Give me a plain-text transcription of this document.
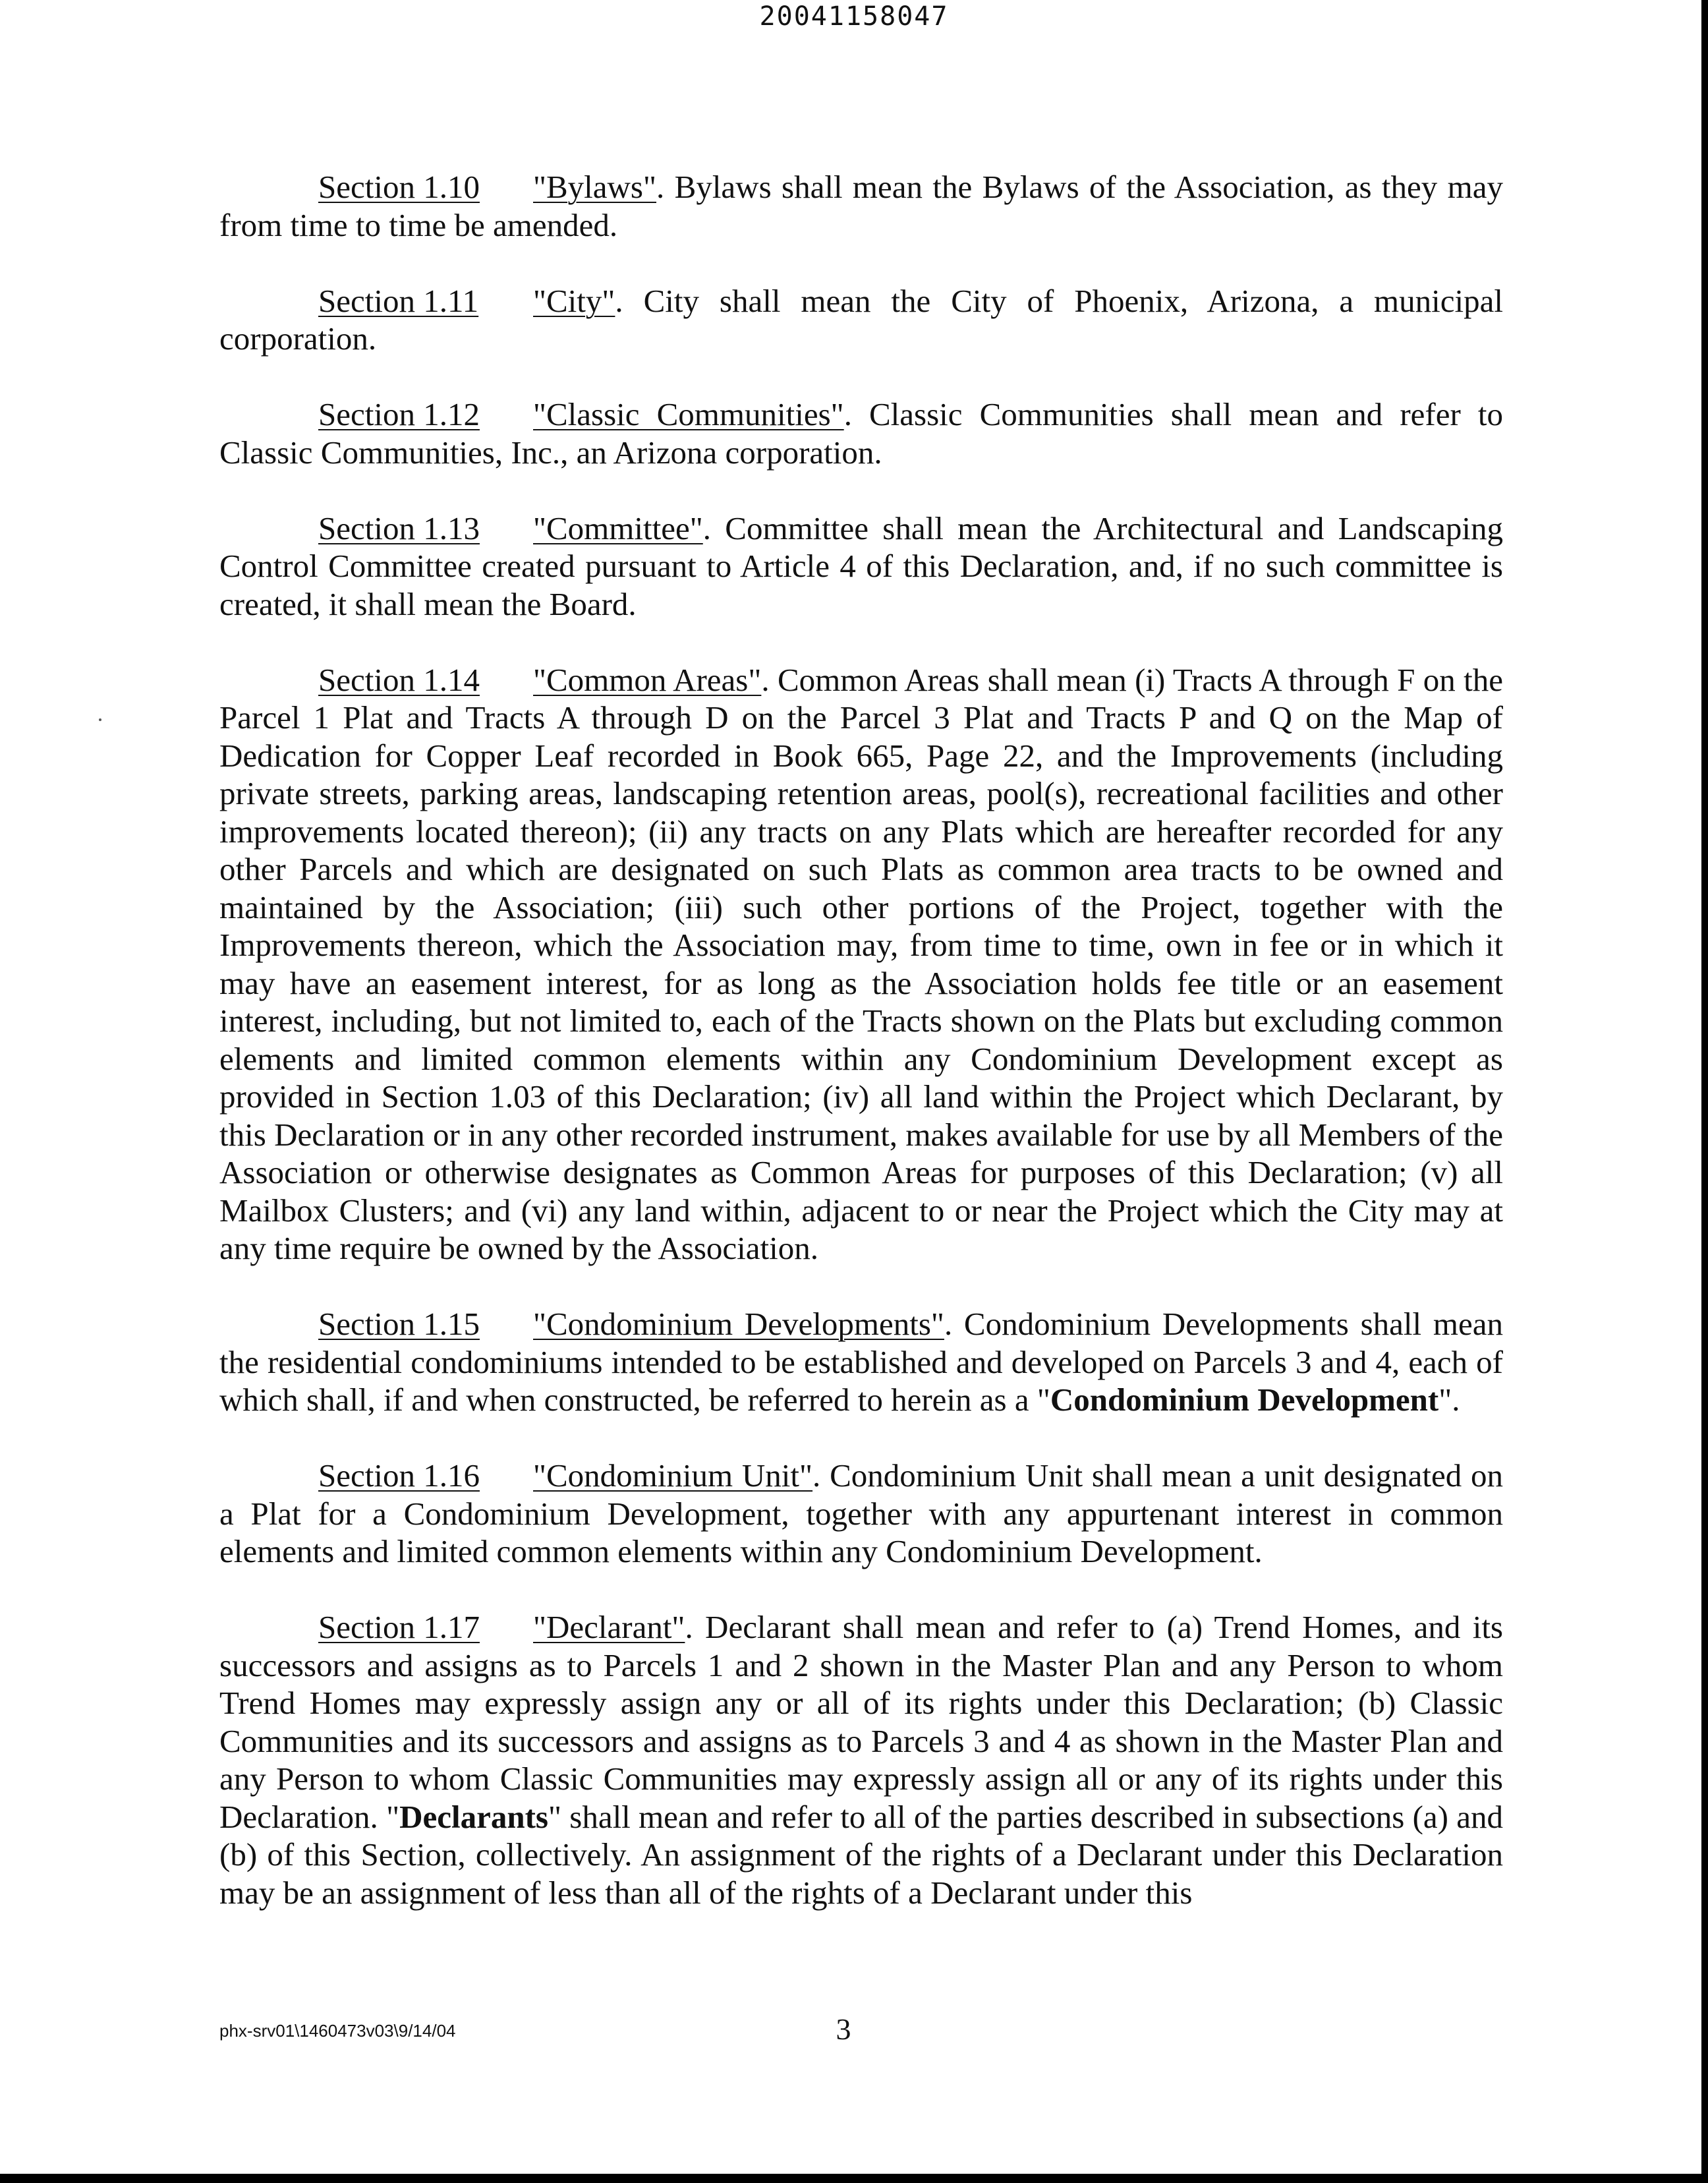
20041158047

Section 1.10 "Bylaws". Bylaws shall mean the Bylaws of the Association, as they may from time to time be amended.

Section 1.11 "City". City shall mean the City of Phoenix, Arizona, a municipal corporation.

Section 1.12 "Classic Communities". Classic Communities shall mean and refer to Classic Communities, Inc., an Arizona corporation.

Section 1.13 "Committee". Committee shall mean the Architectural and Landscaping Control Committee created pursuant to Article 4 of this Declaration, and, if no such committee is created, it shall mean the Board.

Section 1.14 "Common Areas". Common Areas shall mean (i) Tracts A through F on the Parcel 1 Plat and Tracts A through D on the Parcel 3 Plat and Tracts P and Q on the Map of Dedication for Copper Leaf recorded in Book 665, Page 22, and the Improvements (including private streets, parking areas, landscaping retention areas, pool(s), recreational facilities and other improvements located thereon); (ii) any tracts on any Plats which are hereafter recorded for any other Parcels and which are designated on such Plats as common area tracts to be owned and maintained by the Association; (iii) such other portions of the Project, together with the Improvements thereon, which the Association may, from time to time, own in fee or in which it may have an easement interest, for as long as the Association holds fee title or an easement interest, including, but not limited to, each of the Tracts shown on the Plats but excluding common elements and limited common elements within any Condominium Development except as provided in Section 1.03 of this Declaration; (iv) all land within the Project which Declarant, by this Declaration or in any other recorded instrument, makes available for use by all Members of the Association or otherwise designates as Common Areas for purposes of this Declaration; (v) all Mailbox Clusters; and (vi) any land within, adjacent to or near the Project which the City may at any time require be owned by the Association.

Section 1.15 "Condominium Developments". Condominium Developments shall mean the residential condominiums intended to be established and developed on Parcels 3 and 4, each of which shall, if and when constructed, be referred to herein as a "Condominium Development".

Section 1.16 "Condominium Unit". Condominium Unit shall mean a unit designated on a Plat for a Condominium Development, together with any appurtenant interest in common elements and limited common elements within any Condominium Development.

Section 1.17 "Declarant". Declarant shall mean and refer to (a) Trend Homes, and its successors and assigns as to Parcels 1 and 2 shown in the Master Plan and any Person to whom Trend Homes may expressly assign any or all of its rights under this Declaration; (b) Classic Communities and its successors and assigns as to Parcels 3 and 4 as shown in the Master Plan and any Person to whom Classic Communities may expressly assign all or any of its rights under this Declaration. "Declarants" shall mean and refer to all of the parties described in subsections (a) and (b) of this Section, collectively. An assignment of the rights of a Declarant under this Declaration may be an assignment of less than all of the rights of a Declarant under this

phx-srv01\1460473v03\9/14/04	3
